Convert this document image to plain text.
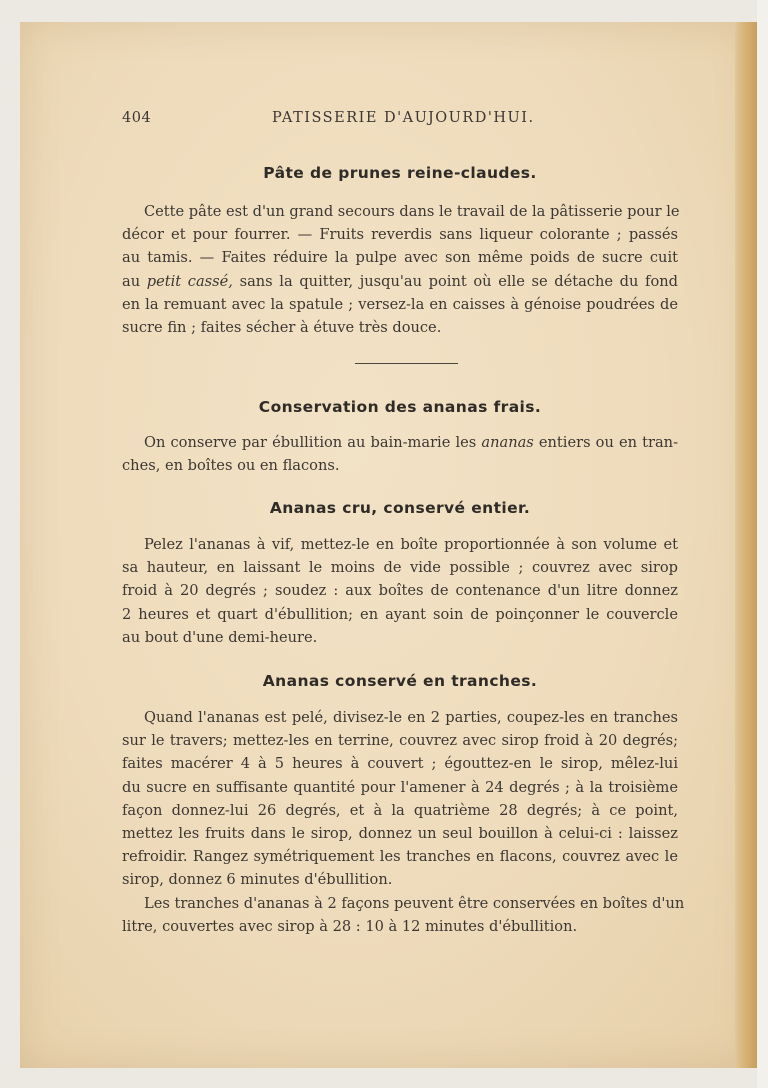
404	PATISSERIE D'AUJOURD'HUI.
Pâte de prunes reine-claudes.
Cette pâte est d'un grand secours dans le travail de la pâtisserie pour le
décor et pour fourrer. — Fruits reverdis sans liqueur colorante ; passés
au tamis. — Faites réduire la pulpe avec son même poids de sucre cuit
au petit cassé, sans la quitter, jusqu'au point où elle se détache du fond
en la remuant avec la spatule ; versez-la en caisses à génoise poudrées de
sucre fin ; faites sécher à étuve très douce.
Conservation des ananas frais.
On conserve par ébullition au bain-marie les ananas entiers ou en tran-
ches, en boîtes ou en flacons.
Ananas cru, conservé entier.
Pelez l'ananas à vif, mettez-le en boîte proportionnée à son volume et
sa hauteur, en laissant le moins de vide possible ; couvrez avec sirop
froid à 20 degrés ; soudez : aux boîtes de contenance d'un litre donnez
2 heures et quart d'ébullition; en ayant soin de poinçonner le couvercle
au bout d'une demi-heure.
Ananas conservé en tranches.
Quand l'ananas est pelé, divisez-le en 2 parties, coupez-les en tranches
sur le travers; mettez-les en terrine, couvrez avec sirop froid à 20 degrés;
faites macérer 4 à 5 heures à couvert ; égouttez-en le sirop, mêlez-lui
du sucre en suffisante quantité pour l'amener à 24 degrés ; à la troisième
façon donnez-lui 26 degrés, et à la quatrième 28 degrés; à ce point,
mettez les fruits dans le sirop, donnez un seul bouillon à celui-ci : laissez
refroidir. Rangez symétriquement les tranches en flacons, couvrez avec le
sirop, donnez 6 minutes d'ébullition.
Les tranches d'ananas à 2 façons peuvent être conservées en boîtes d'un
litre, couvertes avec sirop à 28 : 10 à 12 minutes d'ébullition.
